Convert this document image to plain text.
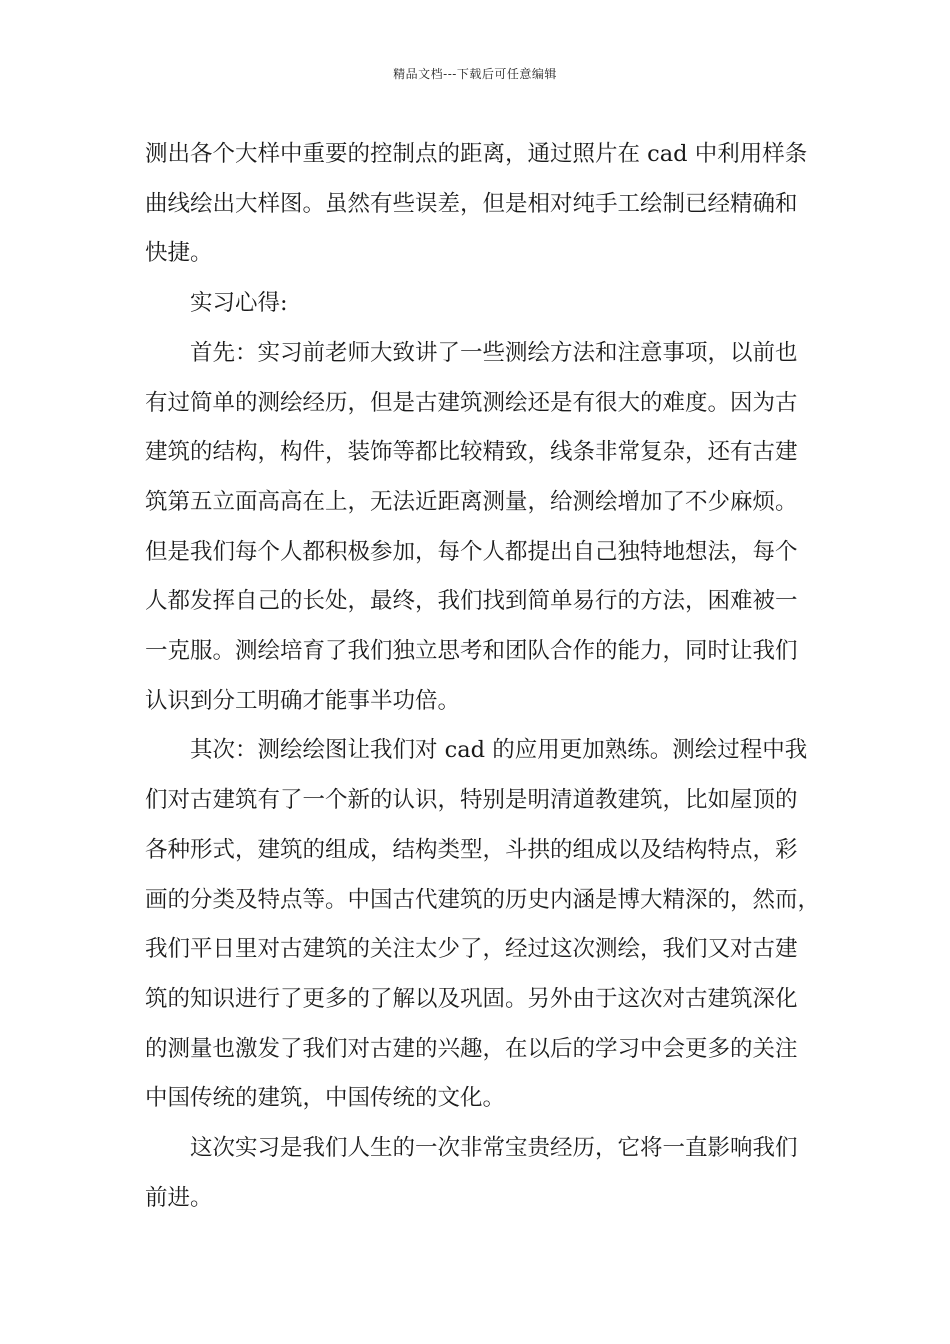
精品文档---下载后可任意编辑

测出各个大样中重要的控制点的距离，通过照片在 cad 中利用样条
曲线绘出大样图。虽然有些误差，但是相对纯手工绘制已经精确和
快捷。

实习心得:

首先：实习前老师大致讲了一些测绘方法和注意事项，以前也
有过简单的测绘经历，但是古建筑测绘还是有很大的难度。因为古
建筑的结构，构件，装饰等都比较精致，线条非常复杂，还有古建
筑第五立面高高在上，无法近距离测量，给测绘增加了不少麻烦。
但是我们每个人都积极参加，每个人都提出自己独特地想法，每个
人都发挥自己的长处，最终，我们找到简单易行的方法，困难被一
一克服。测绘培育了我们独立思考和团队合作的能力，同时让我们
认识到分工明确才能事半功倍。

其次：测绘绘图让我们对 cad 的应用更加熟练。测绘过程中我
们对古建筑有了一个新的认识，特别是明清道教建筑，比如屋顶的
各种形式，建筑的组成，结构类型，斗拱的组成以及结构特点，彩
画的分类及特点等。中国古代建筑的历史内涵是博大精深的，然而，
我们平日里对古建筑的关注太少了，经过这次测绘，我们又对古建
筑的知识进行了更多的了解以及巩固。另外由于这次对古建筑深化
的测量也激发了我们对古建的兴趣，在以后的学习中会更多的关注
中国传统的建筑，中国传统的文化。

这次实习是我们人生的一次非常宝贵经历，它将一直影响我们
前进。
